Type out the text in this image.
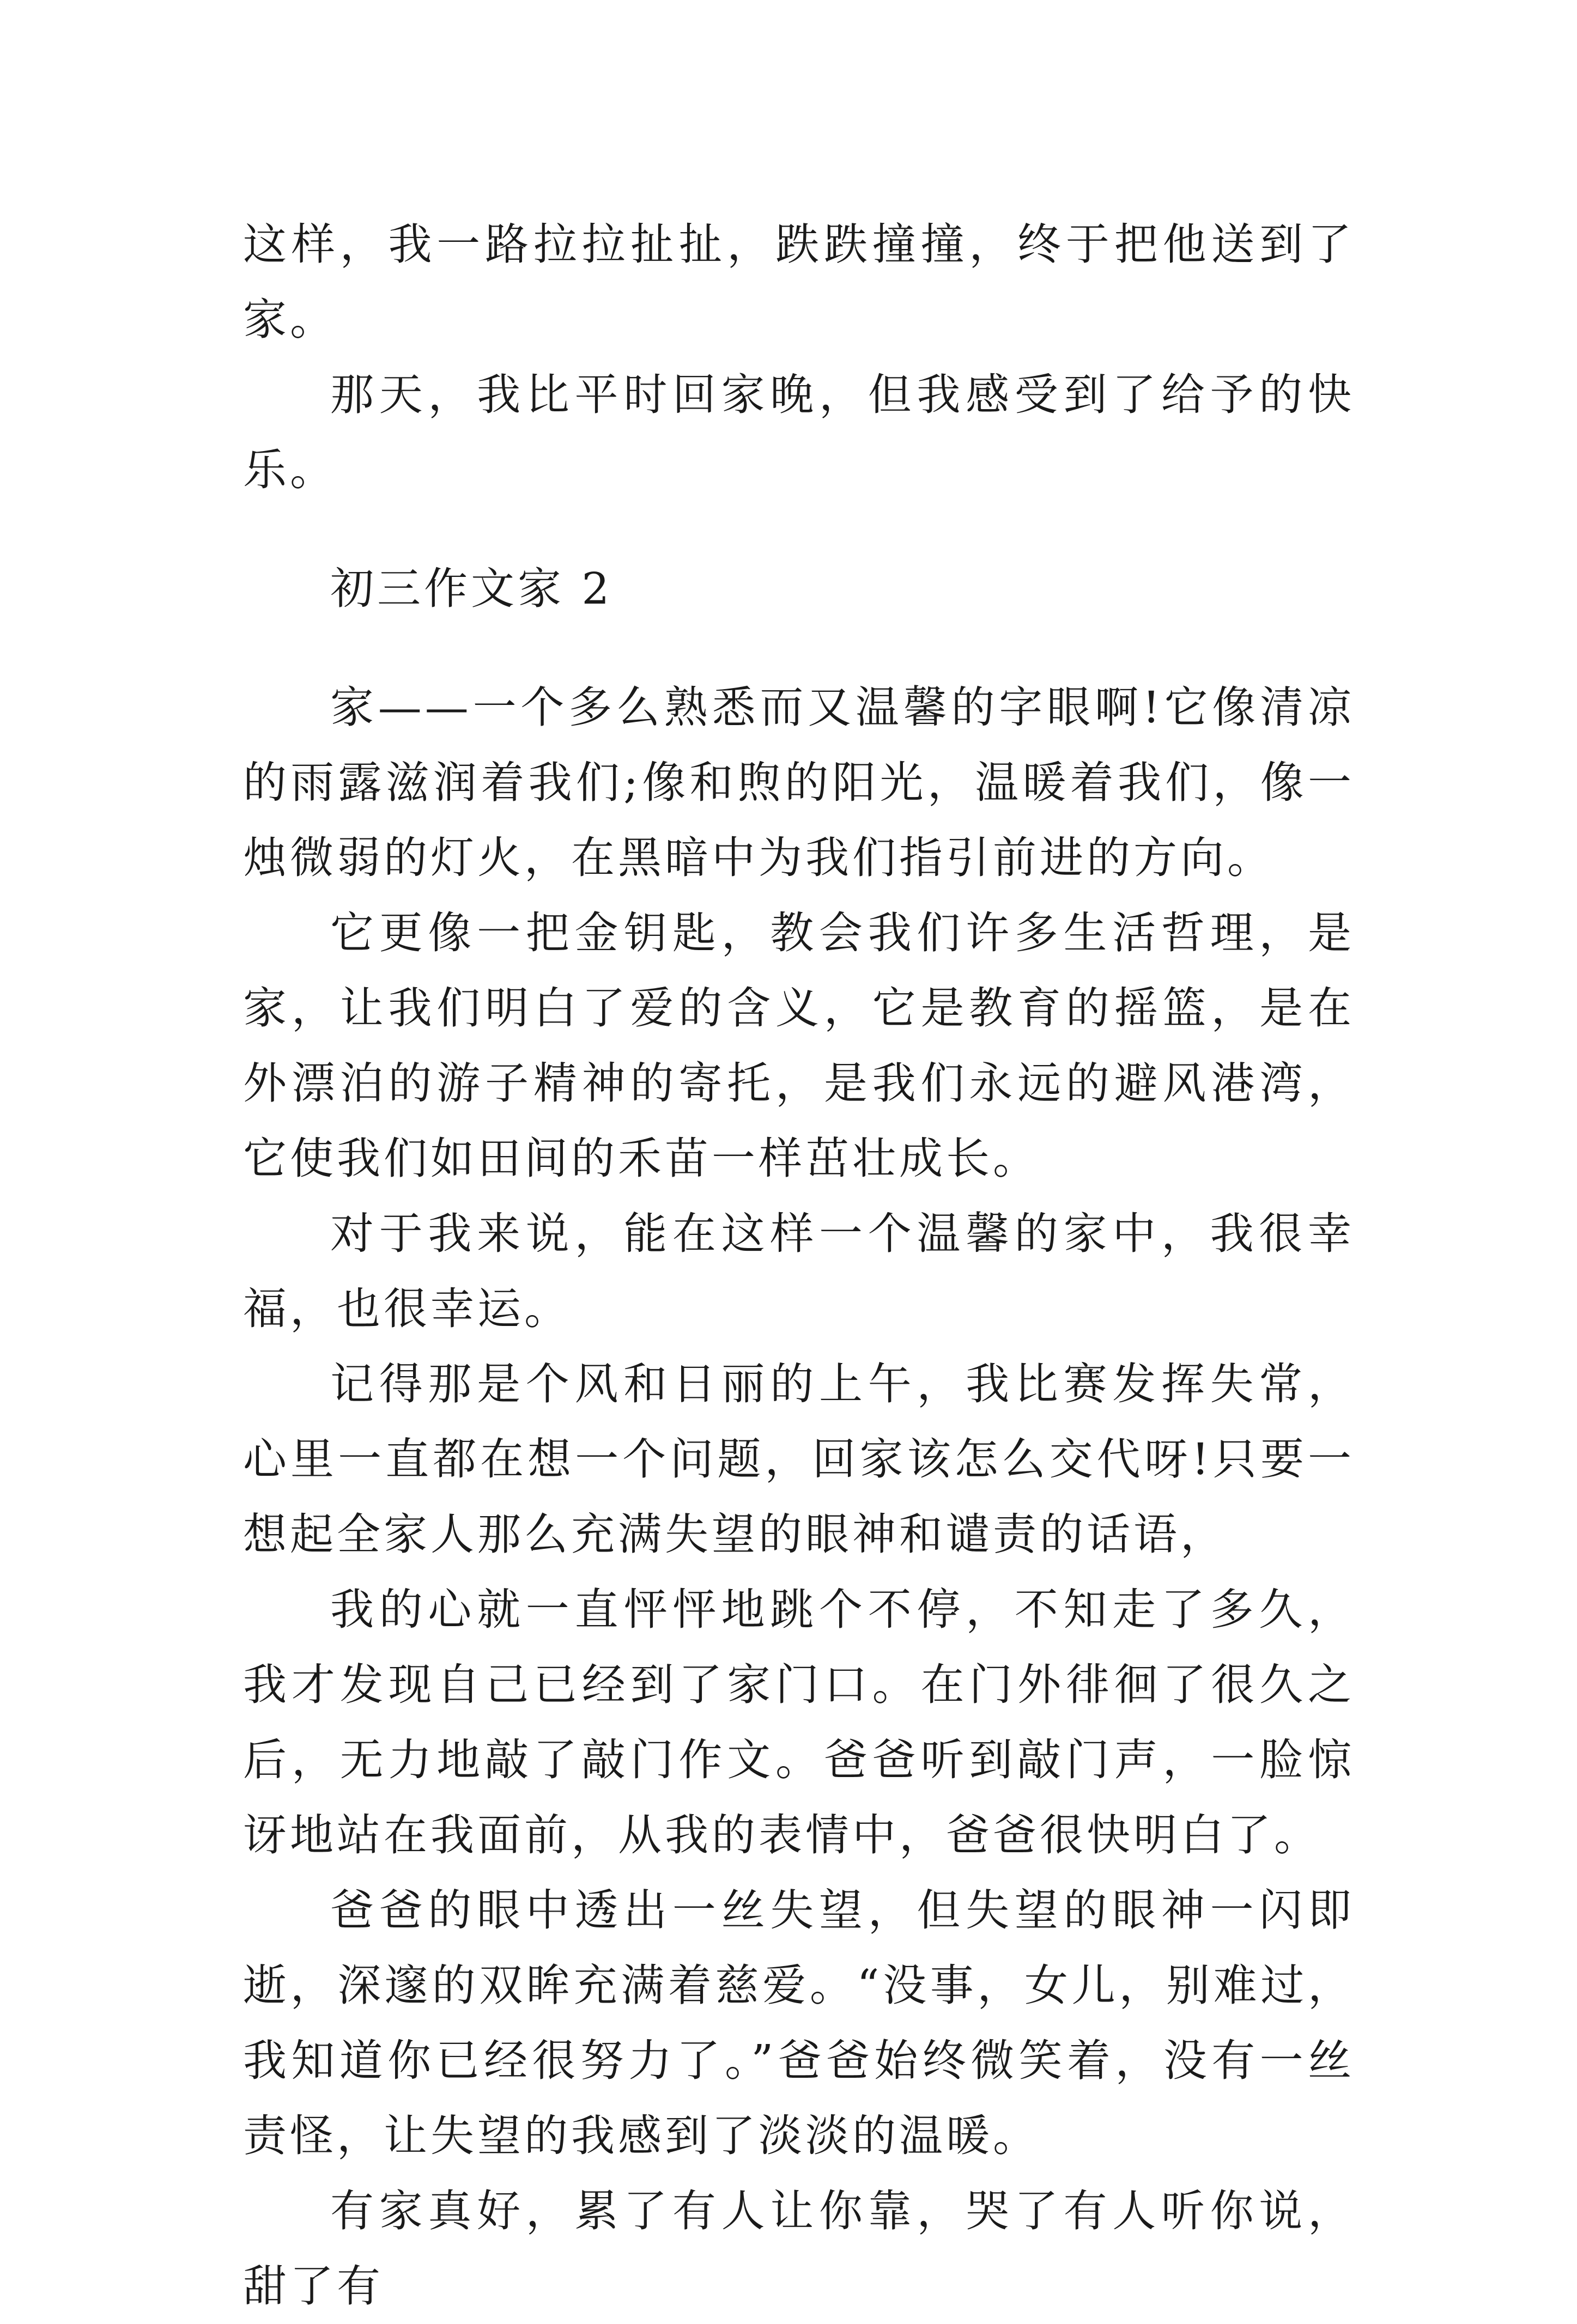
这样，我一路拉拉扯扯，跌跌撞撞，终于把他送到了家。

那天，我比平时回家晚，但我感受到了给予的快乐。

初三作文家 2

家——一个多么熟悉而又温馨的字眼啊!它像清凉的雨露滋润着我们;像和煦的阳光，温暖着我们，像一烛微弱的灯火，在黑暗中为我们指引前进的方向。

它更像一把金钥匙，教会我们许多生活哲理，是家，让我们明白了爱的含义，它是教育的摇篮，是在外漂泊的游子精神的寄托，是我们永远的避风港湾，它使我们如田间的禾苗一样茁壮成长。

对于我来说，能在这样一个温馨的家中，我很幸福，也很幸运。

记得那是个风和日丽的上午，我比赛发挥失常，心里一直都在想一个问题，回家该怎么交代呀!只要一想起全家人那么充满失望的眼神和谴责的话语，

我的心就一直怦怦地跳个不停，不知走了多久，我才发现自己已经到了家门口。在门外徘徊了很久之后，无力地敲了敲门作文。爸爸听到敲门声，一脸惊讶地站在我面前，从我的表情中，爸爸很快明白了。

爸爸的眼中透出一丝失望，但失望的眼神一闪即逝，深邃的双眸充满着慈爱。“没事，女儿，别难过，我知道你已经很努力了。”爸爸始终微笑着，没有一丝责怪，让失望的我感到了淡淡的温暖。

有家真好，累了有人让你靠，哭了有人听你说，甜了有
